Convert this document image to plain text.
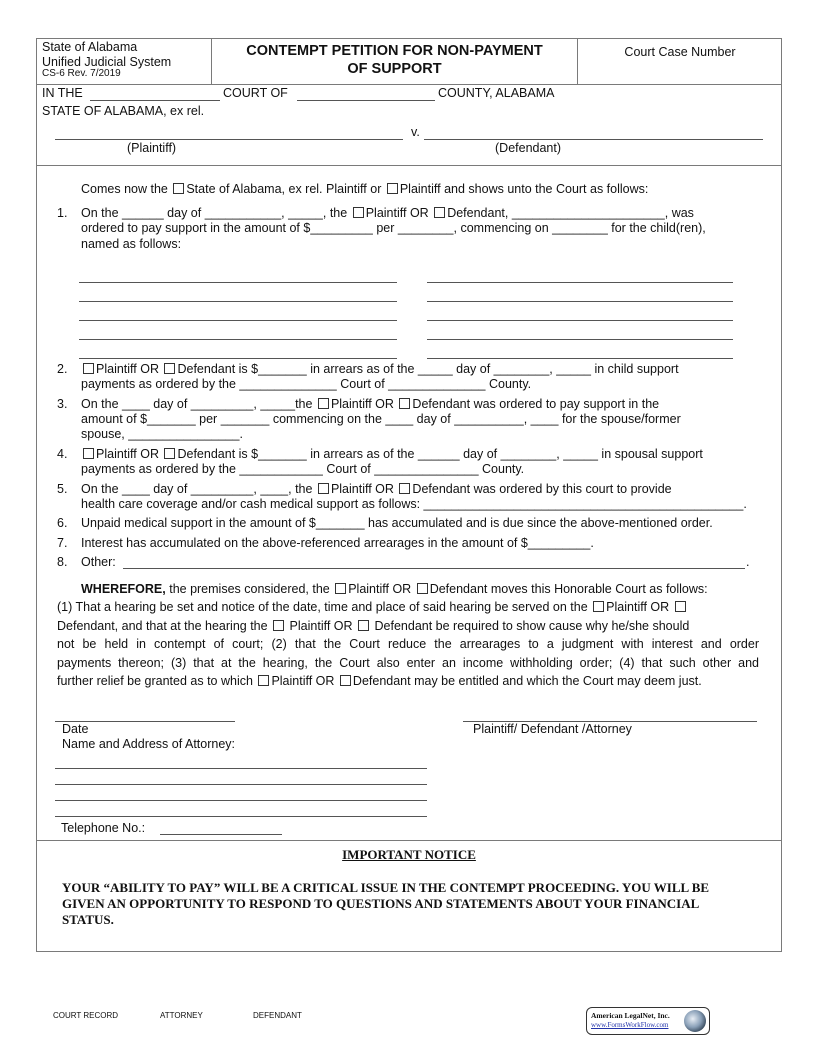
State of Alabama
Unified Judicial System
CS-6 Rev. 7/2019
CONTEMPT PETITION FOR NON-PAYMENT
OF SUPPORT
Court Case Number
IN THE	COURT OF	COUNTY, ALABAMA
STATE OF ALABAMA, ex rel.
v.
(Plaintiff)	(Defendant)
Comes now the State of Alabama, ex rel. Plaintiff or Plaintiff and shows unto the Court as follows:
1. On the ______ day of ___________, _____, the Plaintiff OR Defendant, ______________________, was
ordered to pay support in the amount of $_________ per ________, commencing on ________ for the child(ren),
named as follows:
2.	Plaintiff OR Defendant is $_______ in arrears as of the _____ day of ________, _____ in child support
payments as ordered by the ______________ Court of ______________ County.
3. On the ____ day of _________, _____the Plaintiff OR Defendant was ordered to pay support in the
amount of $_______ per _______ commencing on the ____ day of __________, ____ for the spouse/former
spouse, ________________.
4.	Plaintiff OR Defendant is $_______ in arrears as of the ______ day of ________, _____ in spousal support
payments as ordered by the ____________ Court of _______________ County.
5. On the ____ day of _________, ____, the Plaintiff OR Defendant was ordered by this court to provide
health care coverage and/or cash medical support as follows: ______________________________________________.
6. Unpaid medical support in the amount of $_______ has accumulated and is due since the above-mentioned order.
7. Interest has accumulated on the above-referenced arrearages in the amount of $_________.
8. Other:	.
WHEREFORE, the premises considered, the Plaintiff OR Defendant moves this Honorable Court as follows:
(1) That a hearing be set and notice of the date, time and place of said hearing be served on the Plaintiff OR
Defendant, and that at the hearing the Plaintiff OR Defendant be required to show cause why he/she should
not be held in contempt of court; (2) that the Court reduce the arrearages to a judgment with interest and order
payments thereon; (3) that at the hearing, the Court also enter an income withholding order; (4) that such other and
further relief be granted as to which Plaintiff OR Defendant may be entitled and which the Court may deem just.
Date
Name and Address of Attorney:
Plaintiff/ Defendant /Attorney
Telephone No.:
IMPORTANT NOTICE
YOUR “ABILITY TO PAY” WILL BE A CRITICAL ISSUE IN THE CONTEMPT PROCEEDING. YOU WILL BE
GIVEN AN OPPORTUNITY TO RESPOND TO QUESTIONS AND STATEMENTS ABOUT YOUR FINANCIAL
STATUS.
COURT RECORD	ATTORNEY	DEFENDANT	American LegalNet, Inc.
www.FormsWorkFlow.com
